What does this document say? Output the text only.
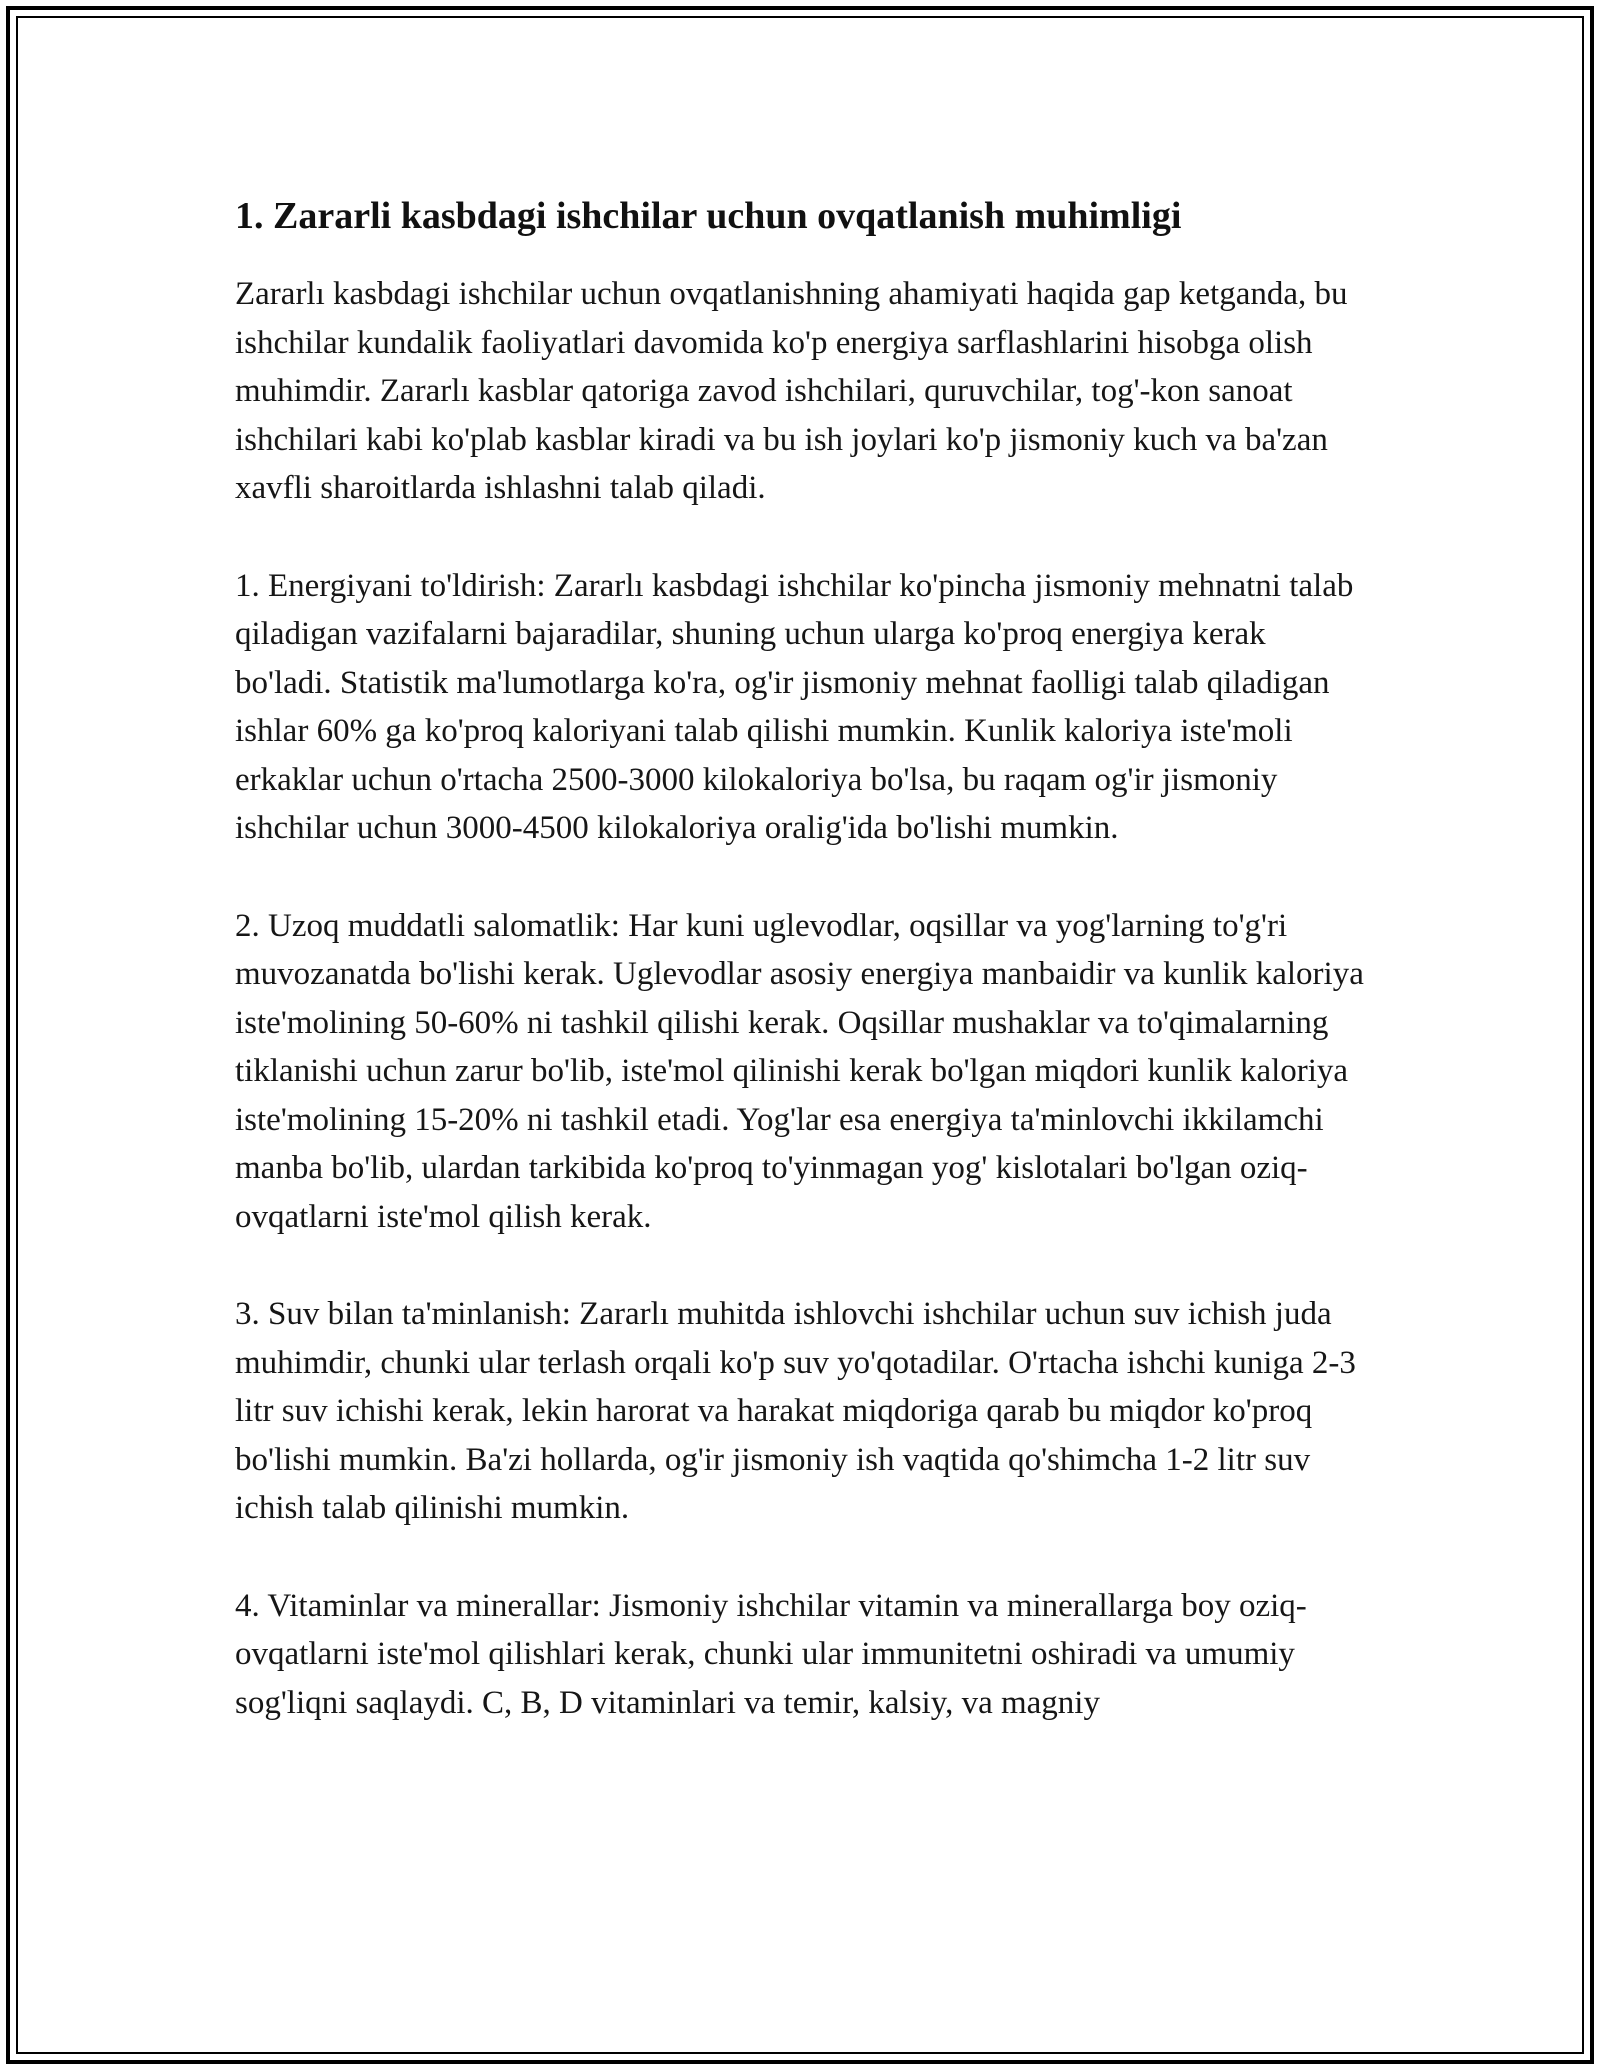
1. Zararli kasbdagi ishchilar uchun ovqatlanish muhimligi

Zararlı kasbdagi ishchilar uchun ovqatlanishning ahamiyati haqida gap ketganda, bu ishchilar kundalik faoliyatlari davomida ko'p energiya sarflashlarini hisobga olish muhimdir. Zararlı kasblar qatoriga zavod ishchilari, quruvchilar, tog'-kon sanoat ishchilari kabi ko'plab kasblar kiradi va bu ish joylari ko'p jismoniy kuch va ba'zan xavfli sharoitlarda ishlashni talab qiladi.

1. Energiyani to'ldirish: Zararlı kasbdagi ishchilar ko'pincha jismoniy mehnatni talab qiladigan vazifalarni bajaradilar, shuning uchun ularga ko'proq energiya kerak bo'ladi. Statistik ma'lumotlarga ko'ra, og'ir jismoniy mehnat faolligi talab qiladigan ishlar 60% ga ko'proq kaloriyani talab qilishi mumkin. Kunlik kaloriya iste'moli erkaklar uchun o'rtacha 2500-3000 kilokaloriya bo'lsa, bu raqam og'ir jismoniy ishchilar uchun 3000-4500 kilokaloriya oralig'ida bo'lishi mumkin.

2. Uzoq muddatli salomatlik: Har kuni uglevodlar, oqsillar va yog'larning to'g'ri muvozanatda bo'lishi kerak. Uglevodlar asosiy energiya manbaidir va kunlik kaloriya iste'molining 50-60% ni tashkil qilishi kerak. Oqsillar mushaklar va to'qimalarning tiklanishi uchun zarur bo'lib, iste'mol qilinishi kerak bo'lgan miqdori kunlik kaloriya iste'molining 15-20% ni tashkil etadi. Yog'lar esa energiya ta'minlovchi ikkilamchi manba bo'lib, ulardan tarkibida ko'proq to'yinmagan yog' kislotalari bo'lgan oziq-ovqatlarni iste'mol qilish kerak.

3. Suv bilan ta'minlanish: Zararlı muhitda ishlovchi ishchilar uchun suv ichish juda muhimdir, chunki ular terlash orqali ko'p suv yo'qotadilar. O'rtacha ishchi kuniga 2-3 litr suv ichishi kerak, lekin harorat va harakat miqdoriga qarab bu miqdor ko'proq bo'lishi mumkin. Ba'zi hollarda, og'ir jismoniy ish vaqtida qo'shimcha 1-2 litr suv ichish talab qilinishi mumkin.

4. Vitaminlar va minerallar: Jismoniy ishchilar vitamin va minerallarga boy oziq-ovqatlarni iste'mol qilishlari kerak, chunki ular immunitetni oshiradi va umumiy sog'liqni saqlaydi. C, B, D vitaminlari va temir, kalsiy, va magniy
